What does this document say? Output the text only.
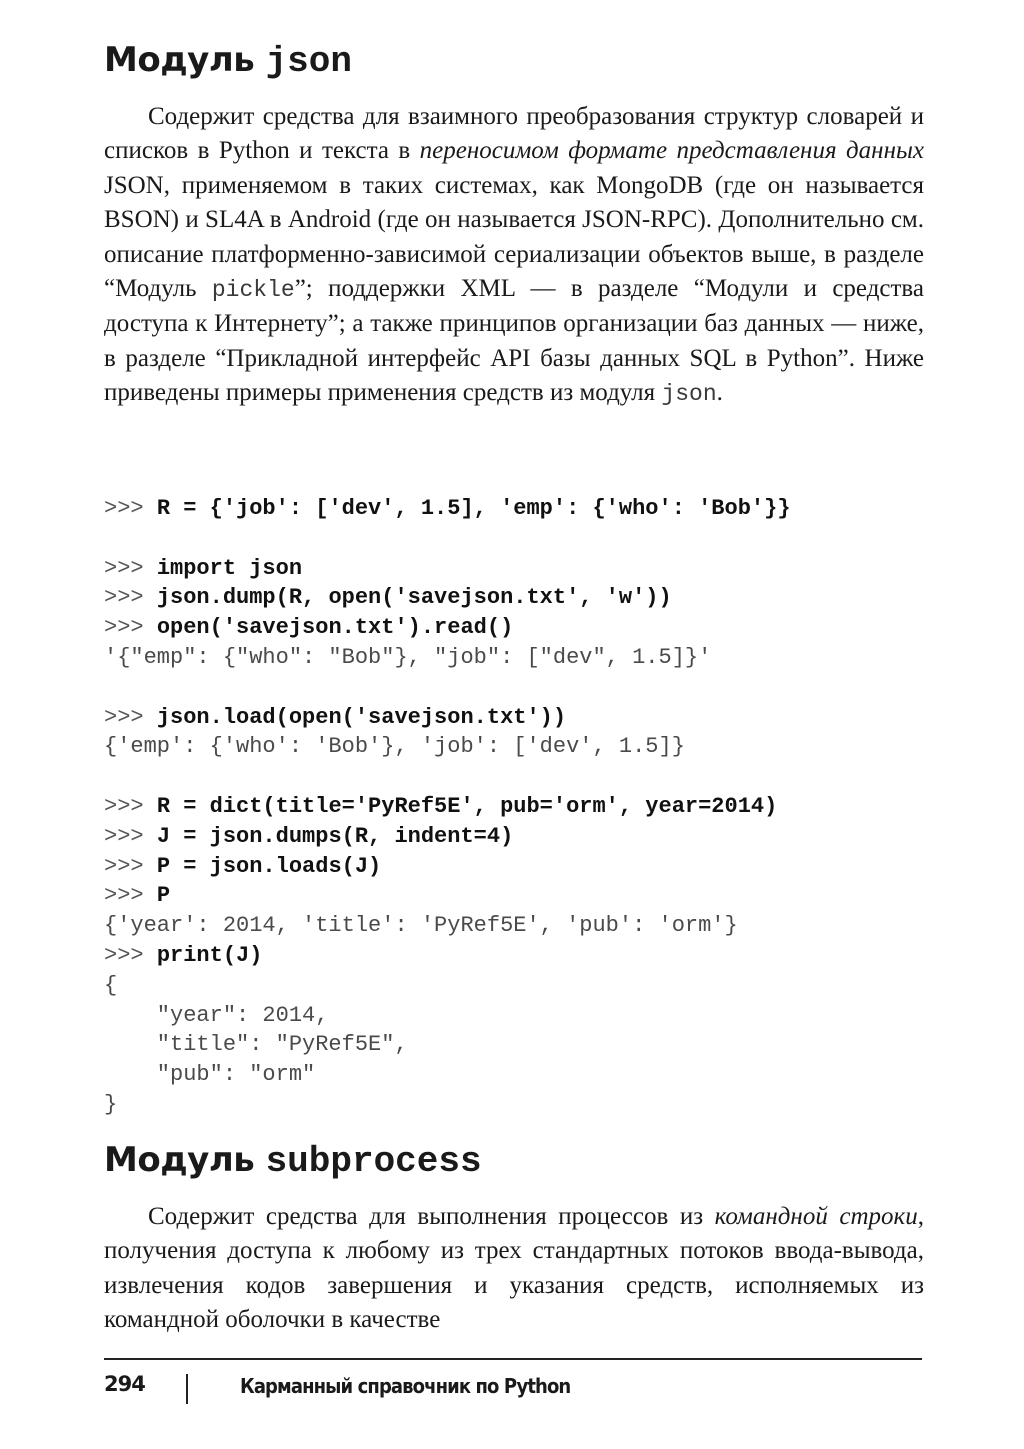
Модуль json

Содержит средства для взаимного преобразования структур словарей и списков в Python и текста в переносимом формате представления данных JSON, применяемом в таких системах, как MongoDB (где он называется BSON) и SL4A в Android (где он называется JSON-RPC). Дополнительно см. описание платформенно-зависимой сериализации объектов выше, в разделе “Модуль pickle”; поддержки XML — в разделе “Модули и средства доступа к Интернету”; а также принципов организации баз данных — ниже, в разделе “Прикладной интерфейс API базы данных SQL в Python”. Ниже приведены примеры применения средств из модуля json.

>>> R = {'job': ['dev', 1.5], 'emp': {'who': 'Bob'}}
>>> import json
>>> json.dump(R, open('savejson.txt', 'w'))
>>> open('savejson.txt').read()
'{"emp": {"who": "Bob"}, "job": ["dev", 1.5]}'
>>> json.load(open('savejson.txt'))
{'emp': {'who': 'Bob'}, 'job': ['dev', 1.5]}
>>> R = dict(title='PyRef5E', pub='orm', year=2014)
>>> J = json.dumps(R, indent=4)
>>> P = json.loads(J)
>>> P
{'year': 2014, 'title': 'PyRef5E', 'pub': 'orm'}
>>> print(J)
{
"year": 2014,
"title": "PyRef5E",
"pub": "orm"
}
Модуль subprocess

Содержит средства для выполнения процессов из командной строки, получения доступа к любому из трех стандартных потоков ввода-вывода, извлечения кодов завершения и указания средств, исполняемых из командной оболочки в качестве

294	Карманный справочник по Python
